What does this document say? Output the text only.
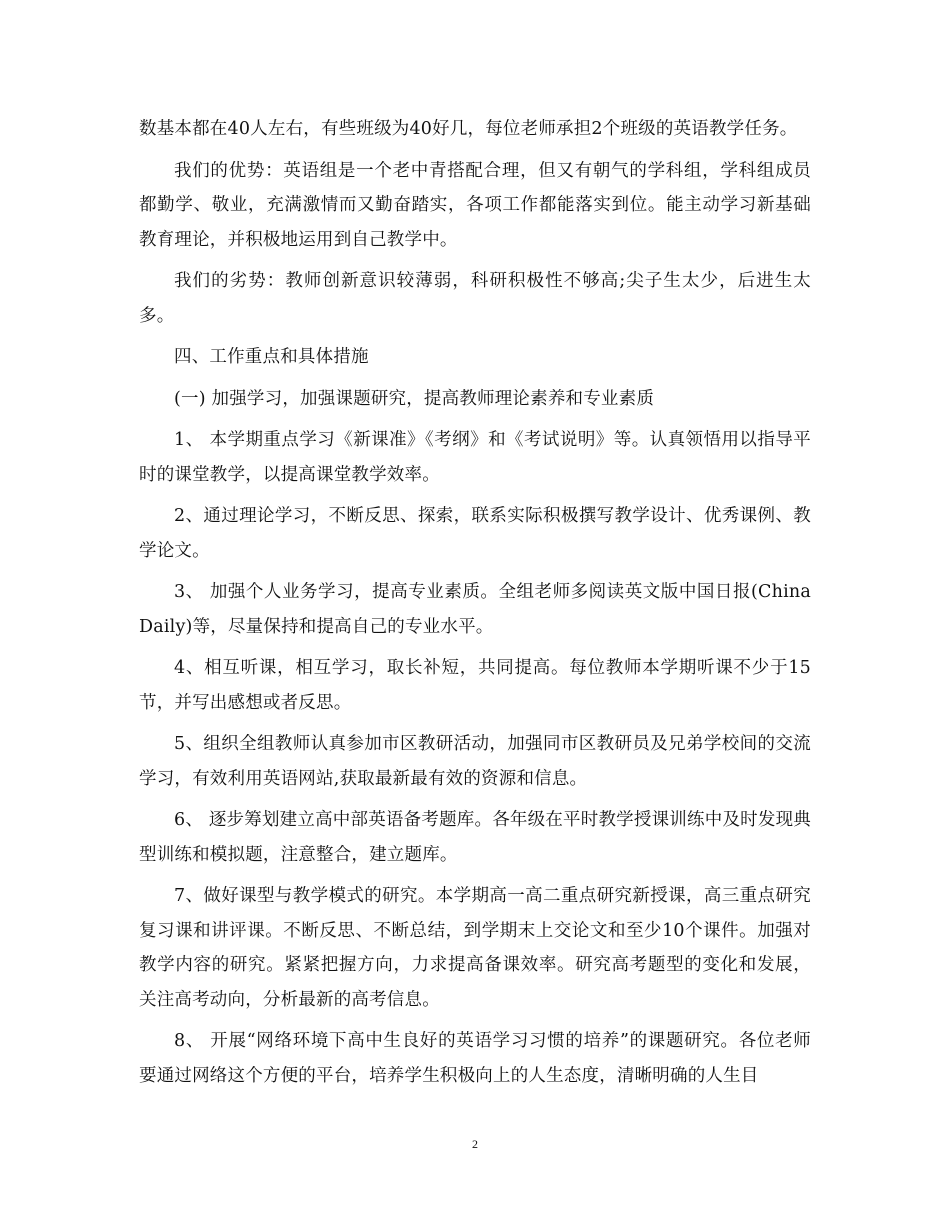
数基本都在40人左右，有些班级为40好几，每位老师承担2个班级的英语教学任务。

我们的优势：英语组是一个老中青搭配合理，但又有朝气的学科组，学科组成员都勤学、敬业，充满激情而又勤奋踏实，各项工作都能落实到位。能主动学习新基础教育理论，并积极地运用到自己教学中。

我们的劣势：教师创新意识较薄弱，科研积极性不够高;尖子生太少，后进生太多。

四、工作重点和具体措施

(一) 加强学习，加强课题研究，提高教师理论素养和专业素质

1、 本学期重点学习《新课准》《考纲》和《考试说明》等。认真领悟用以指导平时的课堂教学，以提高课堂教学效率。

2、通过理论学习，不断反思、探索，联系实际积极撰写教学设计、优秀课例、教学论文。

3、 加强个人业务学习，提高专业素质。全组老师多阅读英文版中国日报(China Daily)等，尽量保持和提高自己的专业水平。

4、相互听课，相互学习，取长补短，共同提高。每位教师本学期听课不少于15节，并写出感想或者反思。

5、组织全组教师认真参加市区教研活动，加强同市区教研员及兄弟学校间的交流学习，有效利用英语网站,获取最新最有效的资源和信息。

6、 逐步筹划建立高中部英语备考题库。各年级在平时教学授课训练中及时发现典型训练和模拟题，注意整合，建立题库。

7、做好课型与教学模式的研究。本学期高一高二重点研究新授课，高三重点研究复习课和讲评课。不断反思、不断总结，到学期末上交论文和至少10个课件。加强对教学内容的研究。紧紧把握方向，力求提高备课效率。研究高考题型的变化和发展，关注高考动向，分析最新的高考信息。

8、 开展“网络环境下高中生良好的英语学习习惯的培养”的课题研究。各位老师要通过网络这个方便的平台，培养学生积极向上的人生态度，清晰明确的人生目

2
